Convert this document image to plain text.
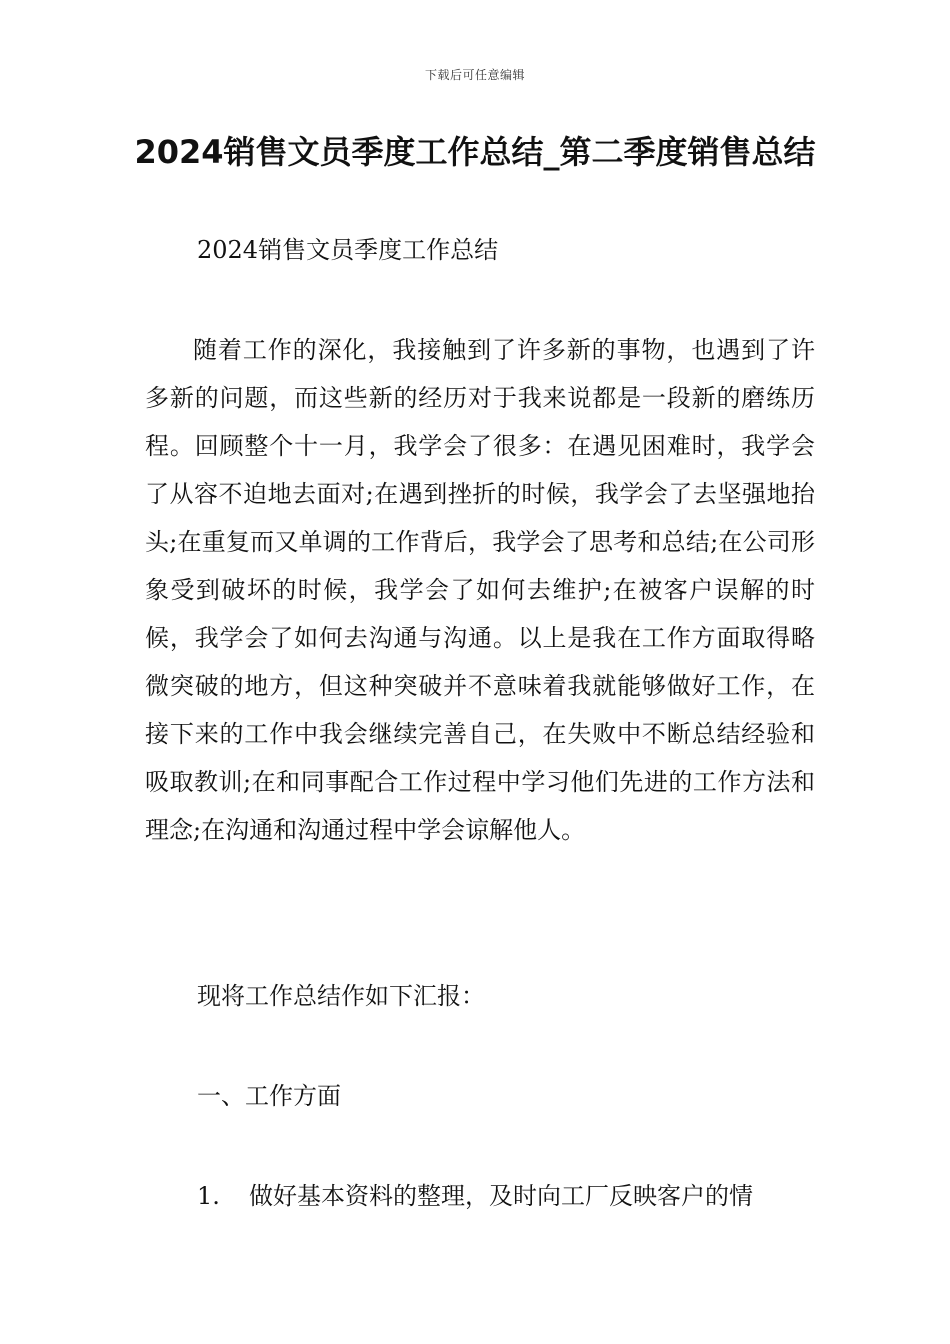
下载后可任意编辑
2024销售文员季度工作总结_第二季度销售总结
2024销售文员季度工作总结

随着工作的深化，我接触到了许多新的事物，也遇到了许多新的问题，而这些新的经历对于我来说都是一段新的磨练历程。回顾整个十一月，我学会了很多：在遇见困难时，我学会了从容不迫地去面对;在遇到挫折的时候，我学会了去坚强地抬头;在重复而又单调的工作背后，我学会了思考和总结;在公司形象受到破坏的时候，我学会了如何去维护;在被客户误解的时候，我学会了如何去沟通与沟通。以上是我在工作方面取得略微突破的地方，但这种突破并不意味着我就能够做好工作，在接下来的工作中我会继续完善自己，在失败中不断总结经验和吸取教训;在和同事配合工作过程中学习他们先进的工作方法和理念;在沟通和沟通过程中学会谅解他人。

现将工作总结作如下汇报：
一、工作方面
1. 做好基本资料的整理，及时向工厂反映客户的情
